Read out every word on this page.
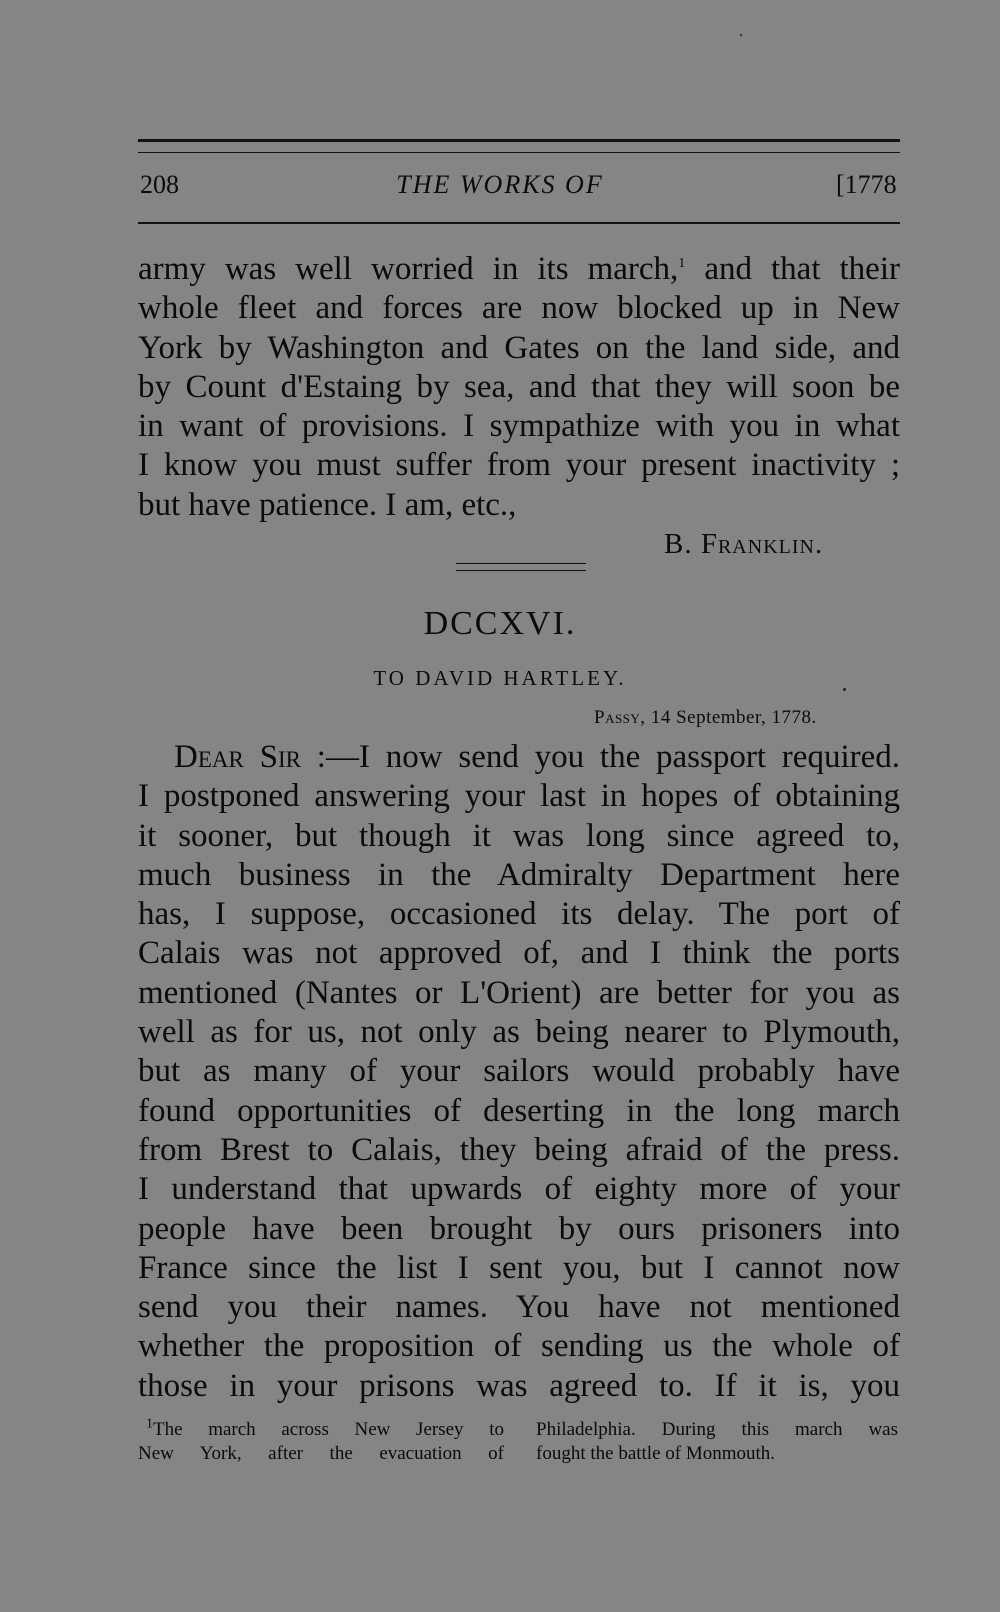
208	THE WORKS OF	[1778
army was well worried in its march,$^1$ and that their
whole fleet and forces are now blocked up in New
York by Washington and Gates on the land side, and
by Count d'Estaing by sea, and that they will soon be
in want of provisions. I sympathize with you in what
I know you must suffer from your present inactivity ;
but have patience. I am, etc.,
B. Franklin.
DCCXVI.
TO DAVID HARTLEY.
Passy, 14 September, 1778.
Dear Sir :—I now send you the passport required.
I postponed answering your last in hopes of obtaining
it sooner, but though it was long since agreed to,
much business in the Admiralty Department here
has, I suppose, occasioned its delay. The port of
Calais was not approved of, and I think the ports
mentioned (Nantes or L'Orient) are better for you as
well as for us, not only as being nearer to Plymouth,
but as many of your sailors would probably have
found opportunities of deserting in the long march
from Brest to Calais, they being afraid of the press.
I understand that upwards of eighty more of your
people have been brought by ours prisoners into
France since the list I sent you, but I cannot now
send you their names. You have not mentioned
whether the proposition of sending us the whole of
those in your prisons was agreed to. If it is, you
$^1$The march across New Jersey to
New York, after the evacuation of
Philadelphia. During this march was
fought the battle of Monmouth.
